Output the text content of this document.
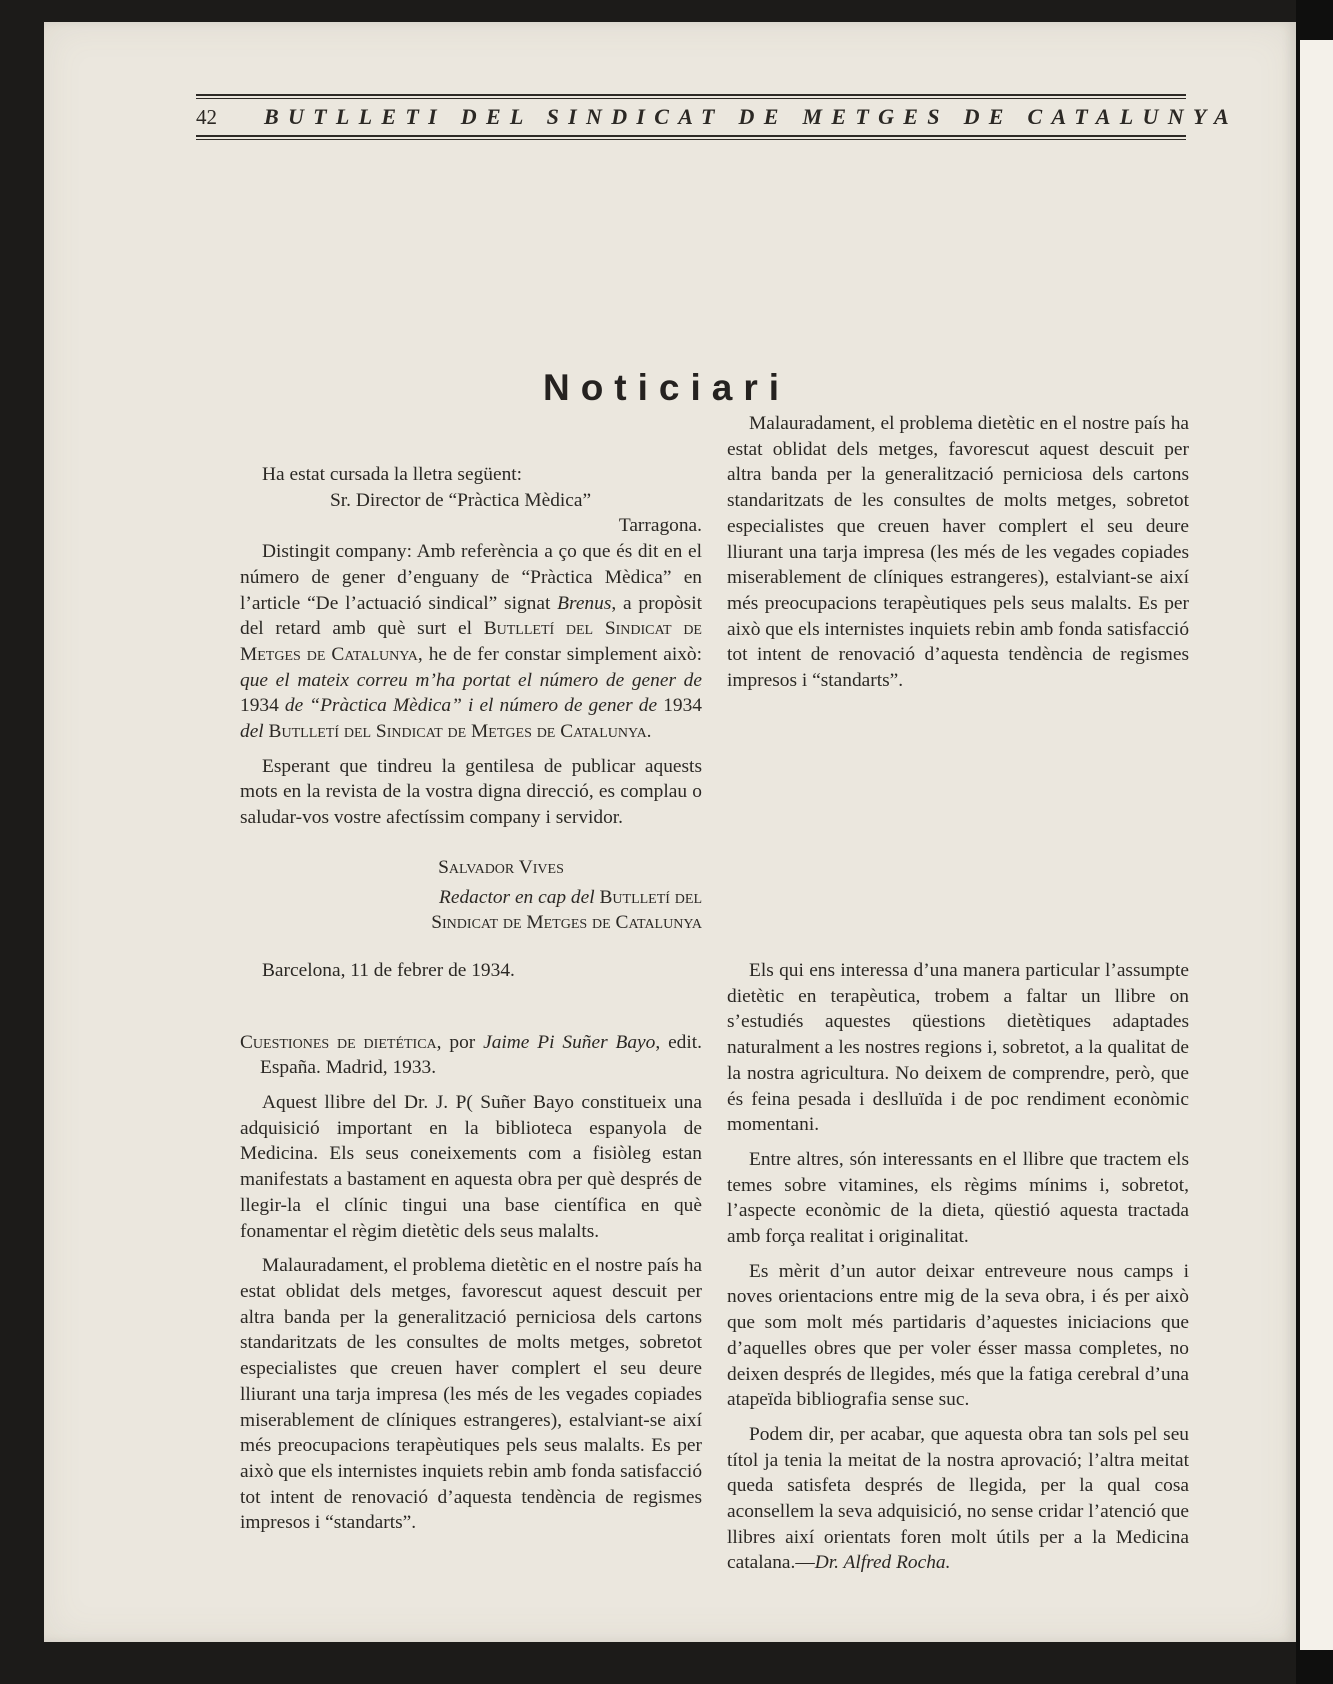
42 BUTLLETI DEL SINDICAT DE METGES DE CATALUNYA
Noticiari

Ha estat cursada la lletra següent:

Sr. Director de “Pràctica Mèdica”

Tarragona.

Distingit company: Amb referència a ço que és dit en el número de gener d’enguany de “Pràctica Mèdica” en l’article “De l’actuació sindical” signat Brenus, a propòsit del retard amb què surt el Butlletí del Sindicat de Metges de Catalunya, he de fer constar simplement això: que el mateix correu m’ha portat el número de gener de 1934 de “Pràctica Mèdica” i el número de gener de 1934 del Butlletí del Sindicat de Metges de Catalunya.

Esperant que tindreu la gentilesa de publicar aquests mots en la revista de la vostra digna direcció, es complau o saludar-vos vostre afectíssim company i servidor.

Salvador Vives

Redactor en cap del Butlletí del

Sindicat de Metges de Catalunya

Barcelona, 11 de febrer de 1934.

Cuestiones de dietética, por Jaime Pi Suñer Bayo, edit. España. Madrid, 1933.

Aquest llibre del Dr. J. P( Suñer Bayo constitueix una adquisició important en la biblioteca espanyola de Medicina. Els seus coneixements com a fisiòleg estan manifestats a bastament en aquesta obra per què després de llegir-la el clínic tingui una base científica en què fonamentar el règim dietètic dels seus malalts.

Malauradament, el problema dietètic en el nostre país ha estat oblidat dels metges, favorescut aquest descuit per altra banda per la generalització perniciosa dels cartons standaritzats de les consultes de molts metges, sobretot especialistes que creuen haver complert el seu deure lliurant una tarja impresa (les més de les vegades copiades miserablement de clíniques estrangeres), estalviant-se així més preocupacions terapèutiques pels seus malalts. Es per això que els internistes inquiets rebin amb fonda satisfacció tot intent de renovació d’aquesta tendència de regismes impresos i “standarts”.

Malauradament, el problema dietètic en el nostre país ha estat oblidat dels metges, favorescut aquest descuit per altra banda per la generalització perniciosa dels cartons standaritzats de les consultes de molts metges, sobretot especialistes que creuen haver complert el seu deure lliurant una tarja impresa (les més de les vegades copiades miserablement de clíniques estrangeres), estalviant-se així més preocupacions terapèutiques pels seus malalts. Es per això que els internistes inquiets rebin amb fonda satisfacció tot intent de renovació d’aquesta tendència de regismes impresos i “standarts”.

Els qui ens interessa d’una manera particular l’assumpte dietètic en terapèutica, trobem a faltar un llibre on s’estudiés aquestes qüestions dietètiques adaptades naturalment a les nostres regions i, sobretot, a la qualitat de la nostra agricultura. No deixem de comprendre, però, que és feina pesada i deslluïda i de poc rendiment econòmic momentani.

Entre altres, són interessants en el llibre que tractem els temes sobre vitamines, els règims mínims i, sobretot, l’aspecte econòmic de la dieta, qüestió aquesta tractada amb força realitat i originalitat.

Es mèrit d’un autor deixar entreveure nous camps i noves orientacions entre mig de la seva obra, i és per això que som molt més partidaris d’aquestes iniciacions que d’aquelles obres que per voler ésser massa completes, no deixen després de llegides, més que la fatiga cerebral d’una atapeïda bibliografia sense suc.

Podem dir, per acabar, que aquesta obra tan sols pel seu títol ja tenia la meitat de la nostra aprovació; l’altra meitat queda satisfeta després de llegida, per la qual cosa aconsellem la seva adquisició, no sense cridar l’atenció que llibres així orientats foren molt útils per a la Medicina catalana.—Dr. Alfred Rocha.
